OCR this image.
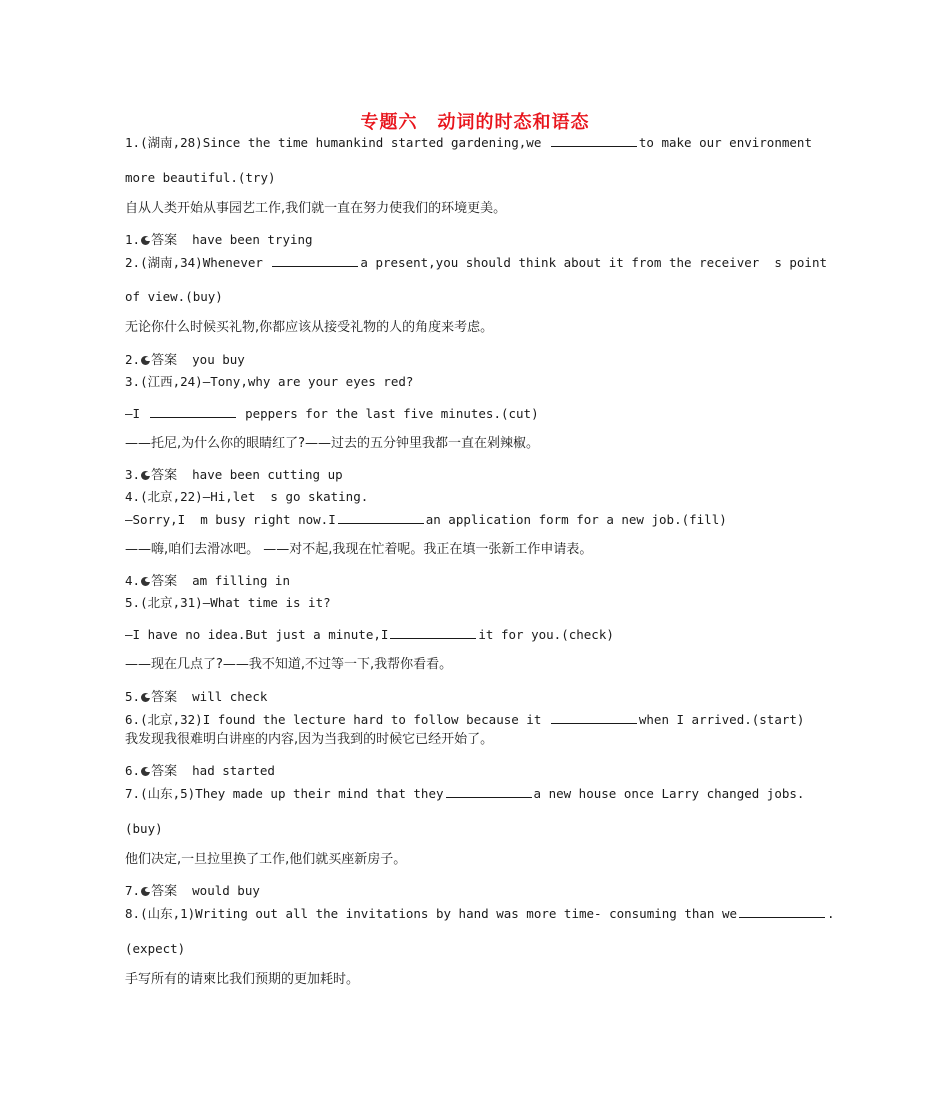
专题六 动词的时态和语态
1.(湖南,28)Since the time humankind started gardening,we	to make our environment
more beautiful.(try)
自从人类开始从事园艺工作,我们就一直在努力使我们的环境更美。
1. 答案 have been trying
2.(湖南,34)Whenever	a present,you should think about it from the receiver  s point
of view.(buy)
无论你什么时候买礼物,你都应该从接受礼物的人的角度来考虑。
2. 答案 you buy
3.(江西,24)—Tony,why are your eyes red?
—I	peppers for the last five minutes.(cut)
——托尼,为什么你的眼睛红了?——过去的五分钟里我都一直在剁辣椒。
3. 答案 have been cutting up
4.(北京,22)—Hi,let  s go skating.
—Sorry,I  m busy right now.I	an application form for a new job.(fill)
——嗨,咱们去滑冰吧。 ——对不起,我现在忙着呢。我正在填一张新工作申请表。
4. 答案 am filling in
5.(北京,31)—What time is it?
—I have no idea.But just a minute,I	it for you.(check)
——现在几点了?——我不知道,不过等一下,我帮你看看。
5. 答案 will check
6.(北京,32)I found the lecture hard to follow because it	when I arrived.(start)
我发现我很难明白讲座的内容,因为当我到的时候它已经开始了。
6. 答案 had started
7.(山东,5)They made up their mind that they	a new house once Larry changed jobs.
(buy)
他们决定,一旦拉里换了工作,他们就买座新房子。
7. 答案 would buy
8.(山东,1)Writing out all the invitations by hand was more time- consuming than we	.
(expect)
手写所有的请柬比我们预期的更加耗时。
